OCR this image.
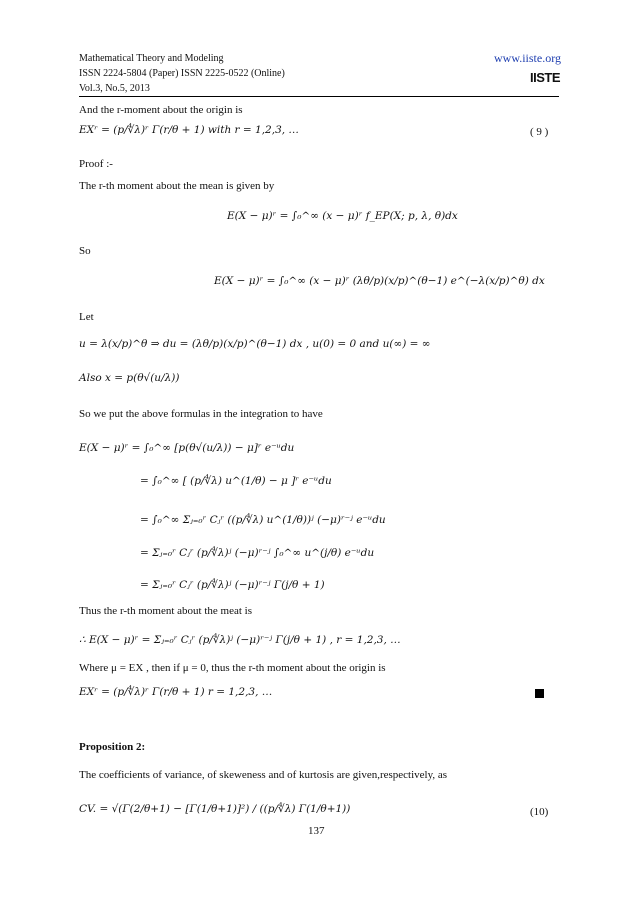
Mathematical Theory and Modeling
ISSN 2224-5804 (Paper) ISSN 2225-0522 (Online)
Vol.3, No.5, 2013
www.iiste.org
IISTE
And the r-moment about the origin is
EXʳ = (p/∜λ)ʳ Γ(r/θ + 1) with r = 1,2,3, …	( 9 )
Proof :-
The r-th moment about the mean is given by
E(X − μ)ʳ = ∫₀^∞ (x − μ)ʳ f_EP(X; p, λ, θ)dx
So
E(X − μ)ʳ = ∫₀^∞ (x − μ)ʳ (λθ/p)(x/p)^(θ−1) e^(−λ(x/p)^θ) dx
Let
u = λ(x/p)^θ ⇒ du = (λθ/p)(x/p)^(θ−1) dx , u(0) = 0 and u(∞) = ∞
Also x = p(θ√(u/λ))
So we put the above formulas in the integration to have
E(X − μ)ʳ = ∫₀^∞ [p(θ√(u/λ)) − μ]ʳ e⁻ᵘdu
= ∫₀^∞ [ (p/∜λ) u^(1/θ) − μ ]ʳ e⁻ᵘdu
= ∫₀^∞ Σⱼ₌₀ʳ Cⱼʳ ((p/∜λ) u^(1/θ))ʲ (−μ)ʳ⁻ʲ e⁻ᵘdu
= Σⱼ₌₀ʳ Cⱼʳ (p/∜λ)ʲ (−μ)ʳ⁻ʲ ∫₀^∞ u^(j/θ) e⁻ᵘdu
= Σⱼ₌₀ʳ Cⱼʳ (p/∜λ)ʲ (−μ)ʳ⁻ʲ Γ(j/θ + 1)
Thus the r-th moment about the meat is
∴ E(X − μ)ʳ = Σⱼ₌₀ʳ Cⱼʳ (p/∜λ)ʲ (−μ)ʳ⁻ʲ Γ(j/θ + 1) , r = 1,2,3, …
Where μ = EX , then if μ = 0, thus the r-th moment about the origin is
EXʳ = (p/∜λ)ʳ Γ(r/θ + 1) r = 1,2,3, …
Proposition 2:
The coefficients of variance, of skeweness and of kurtosis are given,respectively, as
CV. = √(Γ(2/θ+1) − [Γ(1/θ+1)]²) / ((p/∜λ) Γ(1/θ+1))	(10)
137
